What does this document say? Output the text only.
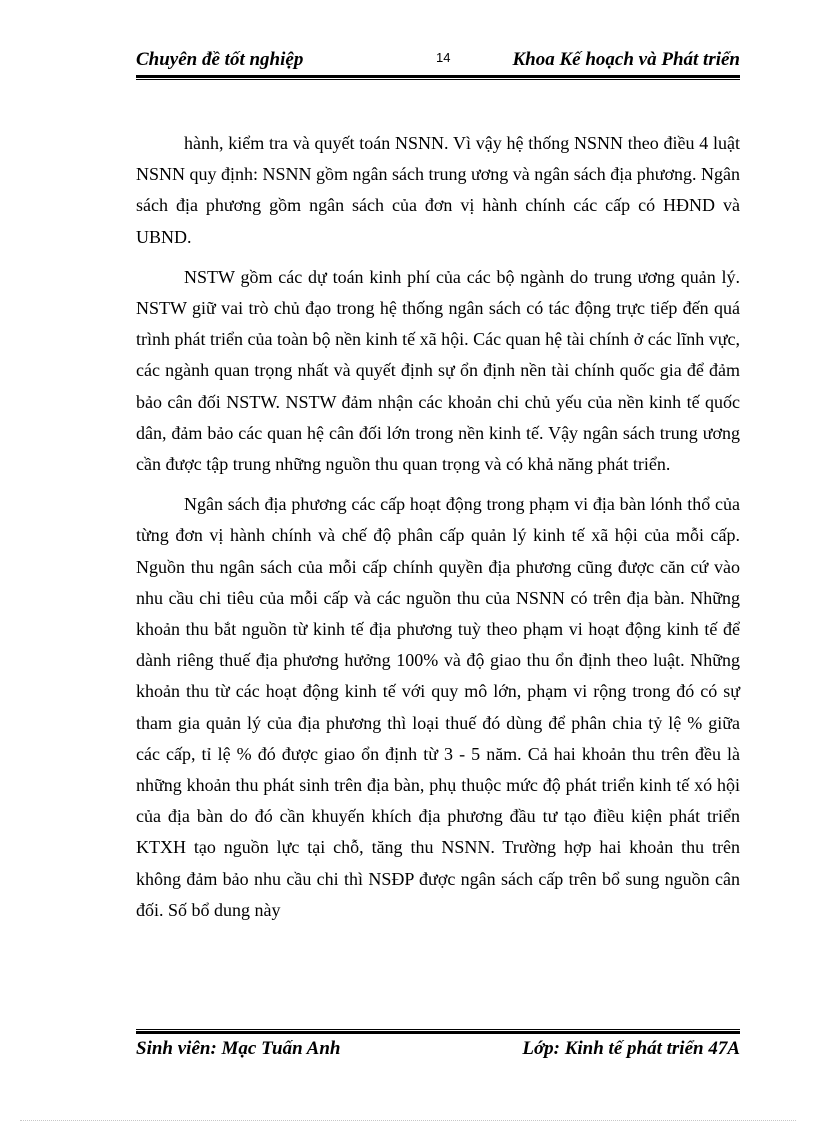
Chuyên đề tốt nghiệp	14	Khoa Kế hoạch và Phát triển

hành, kiểm tra và quyết toán NSNN. Vì vậy hệ thống NSNN theo điều 4 luật NSNN quy định: NSNN gồm ngân sách trung ương và ngân sách địa phương. Ngân sách địa phương gồm ngân sách của đơn vị hành chính các cấp có HĐND và UBND.

NSTW gồm các dự toán kinh phí của các bộ ngành do trung ương quản lý. NSTW giữ vai trò chủ đạo trong hệ thống ngân sách có tác động trực tiếp đến quá trình phát triển của toàn bộ nền kinh tế xã hội. Các quan hệ tài chính ở các lĩnh vực, các ngành quan trọng nhất và quyết định sự ổn định nền tài chính quốc gia để đảm bảo cân đối NSTW. NSTW đảm nhận các khoản chi chủ yếu của nền kinh tế quốc dân, đảm bảo các quan hệ cân đối lớn trong nền kinh tế. Vậy ngân sách trung ương cần được tập trung những nguồn thu quan trọng và có khả năng phát triển.

Ngân sách địa phương các cấp hoạt động trong phạm vi địa bàn lónh thổ của từng đơn vị hành chính và chế độ phân cấp quản lý kinh tế xã hội của mỗi cấp. Nguồn thu ngân sách của mỗi cấp chính quyền địa phương cũng được căn cứ vào nhu cầu chi tiêu của mỗi cấp và các nguồn thu của NSNN có trên địa bàn. Những khoản thu bắt nguồn từ kinh tế địa phương tuỳ theo phạm vi hoạt động kinh tế để dành riêng thuế địa phương hưởng 100% và độ giao thu ổn định theo luật. Những khoản thu từ các hoạt động kinh tế với quy mô lớn, phạm vi rộng trong đó có sự tham gia quản lý của địa phương thì loại thuế đó dùng để phân chia tỷ lệ % giữa các cấp, tỉ lệ % đó được giao ổn định từ 3 - 5 năm. Cả hai khoản thu trên đều là những khoản thu phát sinh trên địa bàn, phụ thuộc mức độ phát triển kinh tế xó hội của địa bàn do đó cần khuyến khích địa phương đầu tư tạo điều kiện phát triển KTXH tạo nguồn lực tại chỗ, tăng thu NSNN. Trường hợp hai khoản thu trên không đảm bảo nhu cầu chi thì NSĐP được ngân sách cấp trên bổ sung nguồn cân đối. Số bổ dung này

Sinh viên: Mạc Tuấn Anh	Lớp: Kinh tế phát triển 47A
